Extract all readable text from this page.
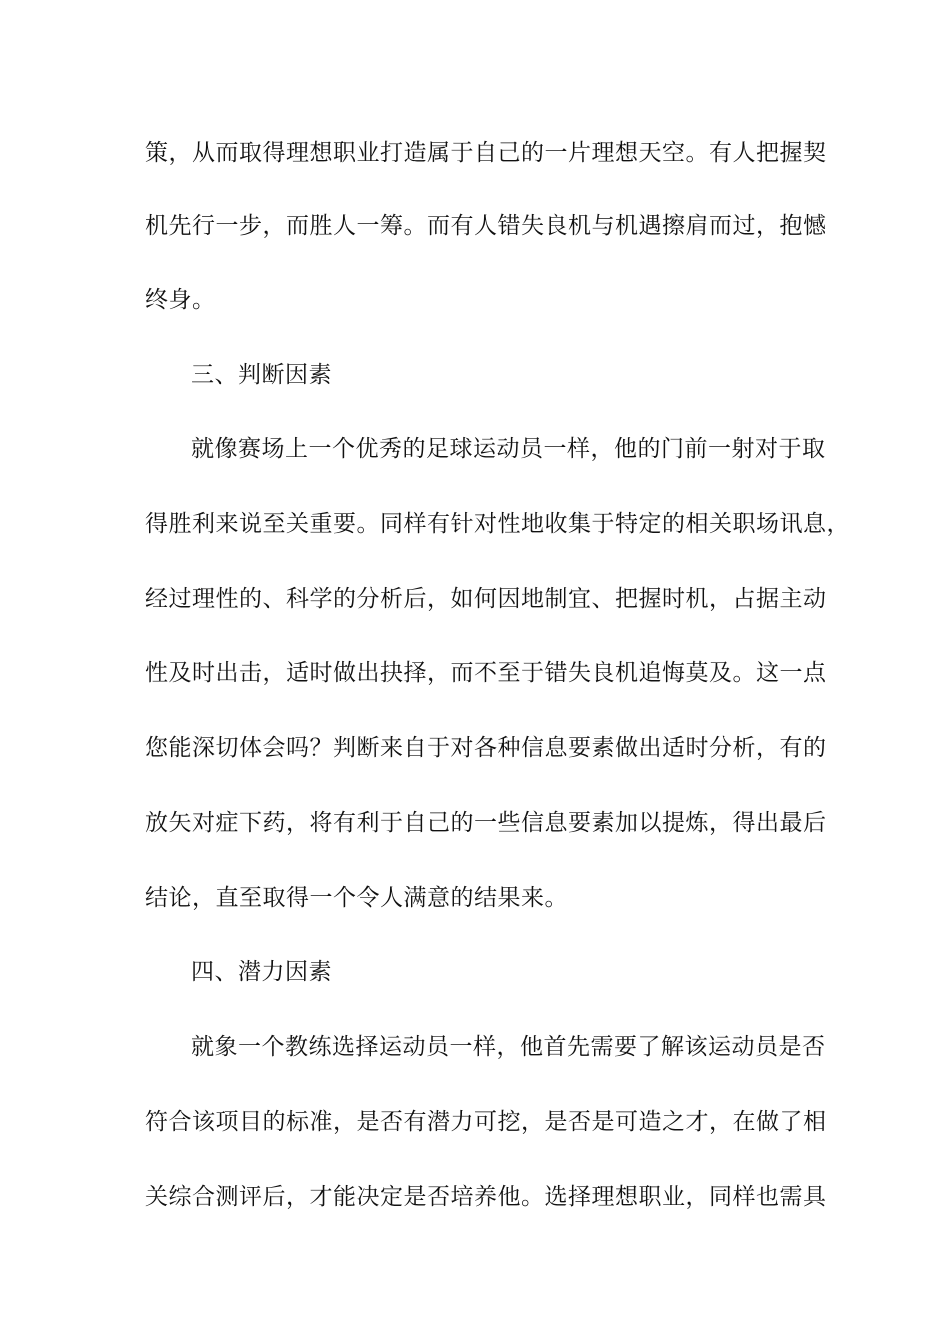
策，从而取得理想职业打造属于自己的一片理想天空。有人把握契
机先行一步，而胜人一筹。而有人错失良机与机遇擦肩而过，抱憾
终身。
三、判断因素
就像赛场上一个优秀的足球运动员一样，他的门前一射对于取
得胜利来说至关重要。同样有针对性地收集于特定的相关职场讯息，
经过理性的、科学的分析后，如何因地制宜、把握时机，占据主动
性及时出击，适时做出抉择，而不至于错失良机追悔莫及。这一点
您能深切体会吗？判断来自于对各种信息要素做出适时分析，有的
放矢对症下药，将有利于自己的一些信息要素加以提炼，得出最后
结论，直至取得一个令人满意的结果来。
四、潜力因素
就象一个教练选择运动员一样，他首先需要了解该运动员是否
符合该项目的标准，是否有潜力可挖，是否是可造之才，在做了相
关综合测评后，才能决定是否培养他。选择理想职业，同样也需具
